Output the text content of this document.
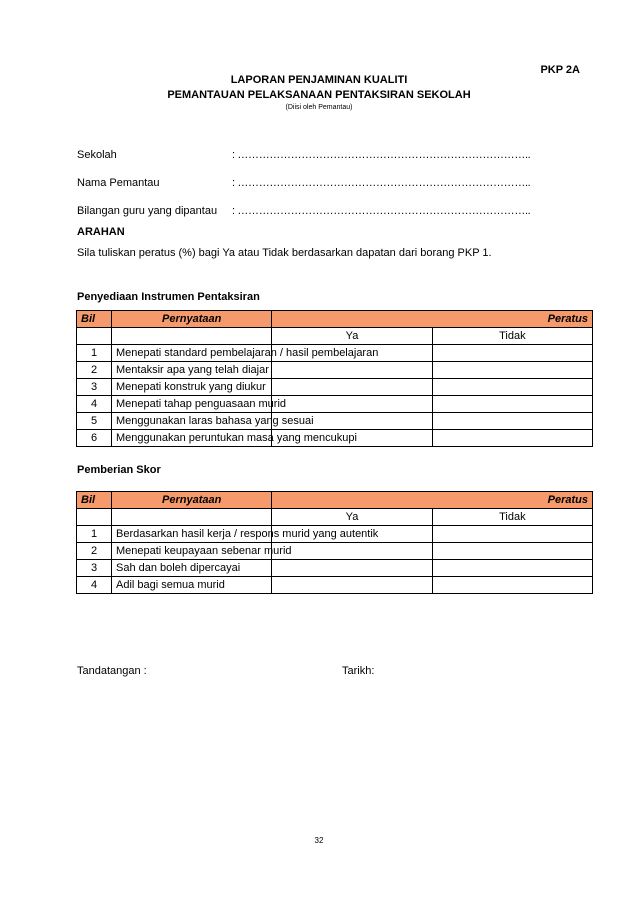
PKP 2A
LAPORAN PENJAMINAN KUALITI
PEMANTAUAN PELAKSANAAN PENTAKSIRAN SEKOLAH
(Diisi oleh Pemantau)
Sekolah	: ………………………………………………………………………..
Nama Pemantau	: ………………………………………………………………………..
Bilangan guru yang dipantau : ………………………………………………………………………..
ARAHAN
Sila tuliskan peratus (%) bagi Ya atau Tidak berdasarkan dapatan dari borang PKP 1.
Penyediaan Instrumen Pentaksiran
Bil	Pernyataan	Peratus	
		Ya	Tidak
1	Menepati standard pembelajaran / hasil pembelajaran		
2	Mentaksir apa yang telah diajar		
3	Menepati konstruk yang diukur		
4	Menepati tahap penguasaan murid		
5	Menggunakan laras bahasa yang sesuai		
6	Menggunakan peruntukan masa yang mencukupi		
Pemberian Skor
Bil	Pernyataan	Peratus	
		Ya	Tidak
1	Berdasarkan hasil kerja / respons murid yang autentik		
2	Menepati keupayaan sebenar murid		
3	Sah dan boleh dipercayai		
4	Adil bagi semua murid		
Tandatangan :	Tarikh:
32
